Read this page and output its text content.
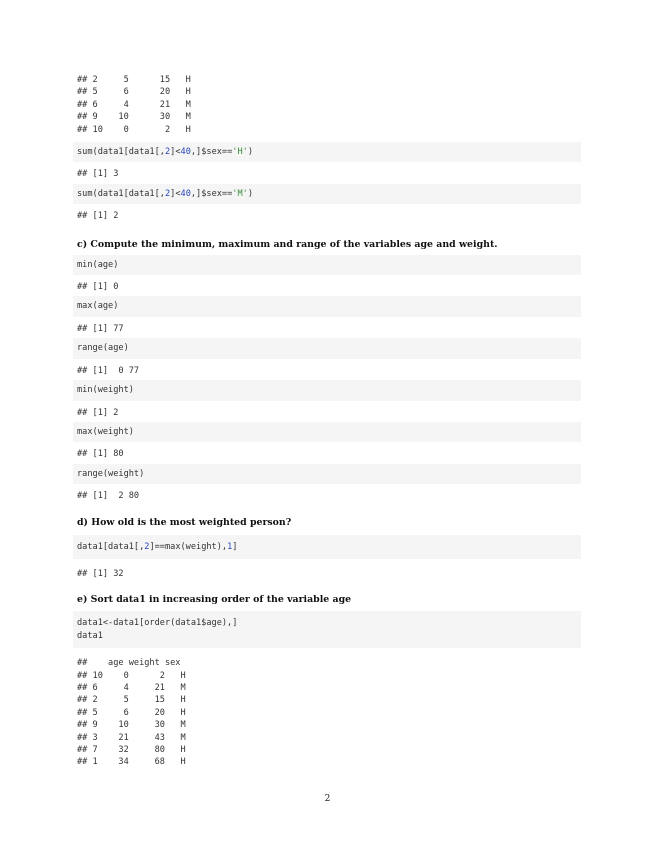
## 2     5      15   H
## 5     6      20   H
## 6     4      21   M
## 9    10      30   M
## 10    0       2   H
sum(data1[data1[,2]<40,]$sex=='H')
## [1] 3
sum(data1[data1[,2]<40,]$sex=='M')
## [1] 2

c) Compute the minimum, maximum and range of the variables age and weight.

min(age)
## [1] 0
max(age)
## [1] 77
range(age)
## [1]  0 77
min(weight)
## [1] 2
max(weight)
## [1] 80
range(weight)
## [1]  2 80

d) How old is the most weighted person?

data1[data1[,2]==max(weight),1]
## [1] 32

e) Sort data1 in increasing order of the variable age

data1<-data1[order(data1$age),]
data1
##    age weight sex
## 10    0      2   H
## 6     4     21   M
## 2     5     15   H
## 5     6     20   H
## 9    10     30   M
## 3    21     43   M
## 7    32     80   H
## 1    34     68   H
2
